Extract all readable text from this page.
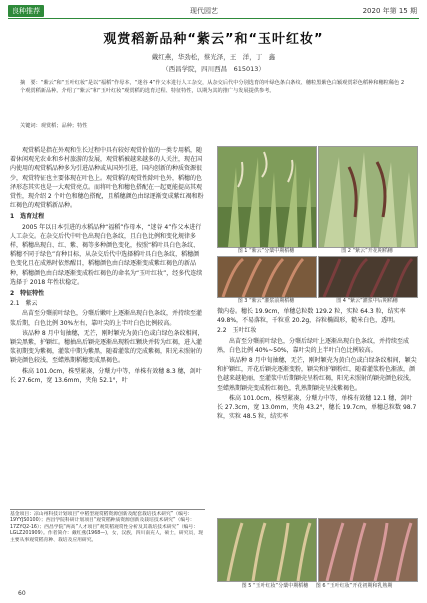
良种推荐	现代园艺	2020 年第 15 期
观赏稻新品种“紫云”和“玉叶红妆”
戴红燕，华劲松，蔡光泽，王　洋，丁　鑫
（西昌学院，四川西昌　615013）
摘　要：“紫云”和“玉叶红妆”是以“福稻”作母本，“迷谷 4”作父本进行人工杂交，从杂交后代中分别选育的叶绿色条白条纹、穗粒黑紫色白颖观赏彩色稻种和穗粒稀色 2 个观赏稻新品种。介绍了“紫云”和“玉叶红妆”观赏稻的选育过程、特征特性，以期为其的推广与发展提供参考。
关键词：观赏稻；品种；特性

观赏稻是指在外观和生长过程中具有较好观赏价值的一类专用稻，随着休闲观光农业和乡村旅游的发展，观赏稻被越来越多的人关注，现在国内使用的观赏稻品种多为引进品种或从国外引进，国内创新的种质资源很少，观赏特征也主要体现在叶色上。观赏稻的观赏性除叶色外，稻穗的色泽形态其实也是一大观赏亮点。而将叶色和穗色搭配在一起更能提高其观赏性，现介绍 2 个叶色和穗色搭配，且稻穗颜色由绿逐渐变成紫红褐和粉红褐色的观赏稻新品种。

1　选育过程

2005 年以日本引进的水稻品种“福稻”作母本，“迷谷 4”作父本进行人工杂交。在杂交后代中叶色出现白色条纹，且白色比例和变化规律多样，稻穗出现白、红、紫、褐等多种颜色变化，按照“稻叶具白色条纹、稻穗不同于绿色”育种目标，从杂交后代中选择稻叶具白色条纹，稻穗颜色变化且在成熟时依然醒目，稻穗颜色由白绿逐渐变成紫红褐色的新品种，稻穗颜色由白绿逐渐变成粉红褐色的命名为“玉叶红妆”，经多代连续选择于 2018 年性状稳定。

2　特征特性
2.1　紫云

出苗至分蘖前叶绿色，分蘖后嫩叶上逐渐出现白色条纹，并持续至灌浆后期，白色比例 30%左右，靠叶尖的上半叶白色比例较高。

该品种 8 月中旬抽穗，无芒，刚时颖壳为黄白色或白绿色条纹相间，颖尖黑紫，护颖红。穗抽出后颖壳逐渐出现粉红颗块并转为红褐，进入灌浆初期变为紫褐，灌浆中期为紫黑，随着灌浆的完成紫褐，阳光未照射的颖壳颜色较浅，至蜡熟期稻穗变成黑褐色。

株高 101.0cm，株型紧凑，分蘖力中等，单株有效穗 8.3 穗，剑叶长 27.6cm，宽 13.6mm，夹角 52.1°，叶

基金项目：凉山州科技计划项目“中稻型观赏稻资源创新及配套栽培技术研究”（编号：19YYJS0100）；西昌学院科研计划项目“观赏稻种质资源创新及栽培技术研究”（编号：17ZYQ2-16）；西昌学院“两高”人才项目“观赏稻观赏性分析及其栽培技术研究”（编号：LGLZ201909）。作者简介：戴红燕(1968—)，女，汉族，四川南充人，硕士，研究员，现主要从事观赏稻育种、栽培及应用研究。
60
图 1 “紫云”分蘖中期稻穗	图 2 “紫云”开花期稻穗
图 3 “紫云”灌浆前期稻穗	图 4 “紫云”灌浆中后期稻穗

微内卷。穗长 19.9cm，单穗总粒数 129.2 粒，实粒 64.3 粒，结实率 49.8%，不易落粒，千粒重 20.2g，谷粒椭圆形，糙米白色，透明。

2.2　玉叶红妆

出苗至分蘖前叶绿色，分蘖后绿叶上逐渐出现白色条纹，并持续至成熟，白色比例 40%~50%，靠叶尖的上半叶白色比例较高。

该品种 8 月中旬抽穗，无芒，刚时颖壳为黄白色或白绿条纹相间，颖尖和护颖红，开花后颖壳逐渐变粉，颖尖和护颖粉红，随着灌浆粉色渐浓，颜色越来越艳丽，至灌浆中后期颖壳呈粉红褐，阳光未照射的颖壳颜色较浅，至蜡熟期颖壳变成粉红褐色，乳熟期颖壳呈浅紫褐色。

株高 101.0cm，株型紧凑，分蘖力中等，单株有效穗 12.1 穗，剑叶长 27.3cm，宽 13.0mm，夹角 43.2°，穗长 19.7cm，单穗总粒数 98.7 粒，实粒 48.5 粒，结实率

图 5 “玉叶红妆”分蘖中期稻穗 图 6 “玉叶红妆”开花初期和乳熟期
